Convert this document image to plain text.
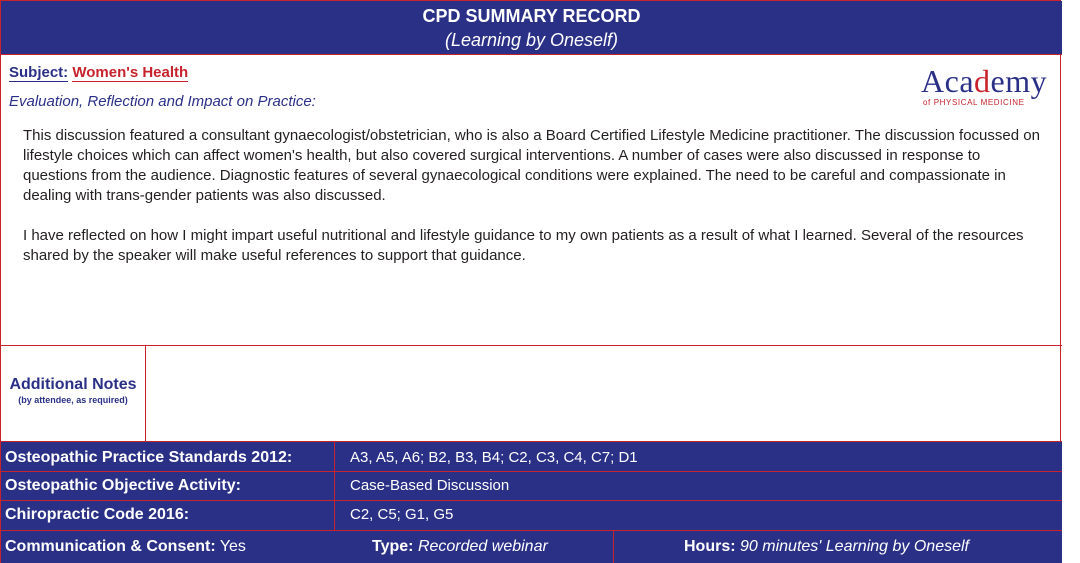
CPD SUMMARY RECORD
(Learning by Oneself)
Subject: Women's Health
Evaluation, Reflection and Impact on Practice:
Academy
of PHYSICAL MEDICINE

This discussion featured a consultant gynaecologist/obstetrician, who is also a Board Certified Lifestyle Medicine practitioner. The discussion focussed on lifestyle choices which can affect women's health, but also covered surgical interventions. A number of cases were also discussed in response to questions from the audience. Diagnostic features of several gynaecological conditions were explained. The need to be careful and compassionate in dealing with trans-gender patients was also discussed.

I have reflected on how I might impart useful nutritional and lifestyle guidance to my own patients as a result of what I learned. Several of the resources shared by the speaker will make useful references to support that guidance.

Additional Notes
(by attendee, as required)
Osteopathic Practice Standards 2012:	A3, A5, A6; B2, B3, B4; C2, C3, C4, C7; D1
Osteopathic Objective Activity:	Case-Based Discussion
Chiropractic Code 2016:	C2, C5; G1, G5
Communication & Consent: Yes	Type: Recorded webinar	Hours: 90 minutes' Learning by Oneself
